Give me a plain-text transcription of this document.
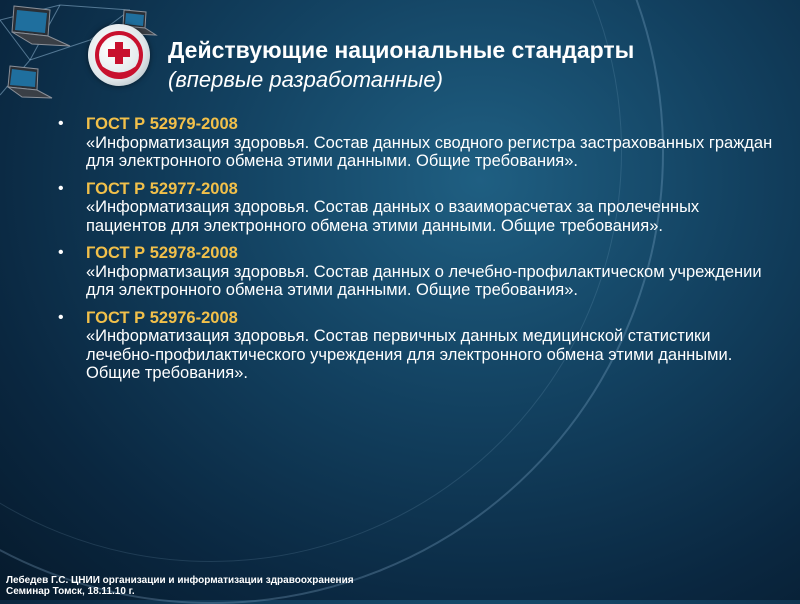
Действующие национальные стандарты
(впервые разработанные)
• ГОСТ Р 52979-2008
«Информатизация здоровья. Состав данных сводного регистра застрахованных граждан для электронного обмена этими данными. Общие требования».
• ГОСТ Р 52977-2008
«Информатизация здоровья. Состав данных о взаиморасчетах за пролеченных пациентов для электронного обмена этими данными. Общие требования».
• ГОСТ Р 52978-2008
«Информатизация здоровья. Состав данных о лечебно-профилактическом учреждении для электронного обмена этими данными. Общие требования».
• ГОСТ Р 52976-2008
«Информатизация здоровья. Состав первичных данных медицинской статистики лечебно-профилактического учреждения для электронного обмена этими данными. Общие требования».
Лебедев Г.С. ЦНИИ организации и информатизации здравоохранения
Семинар Томск, 18.11.10 г.
